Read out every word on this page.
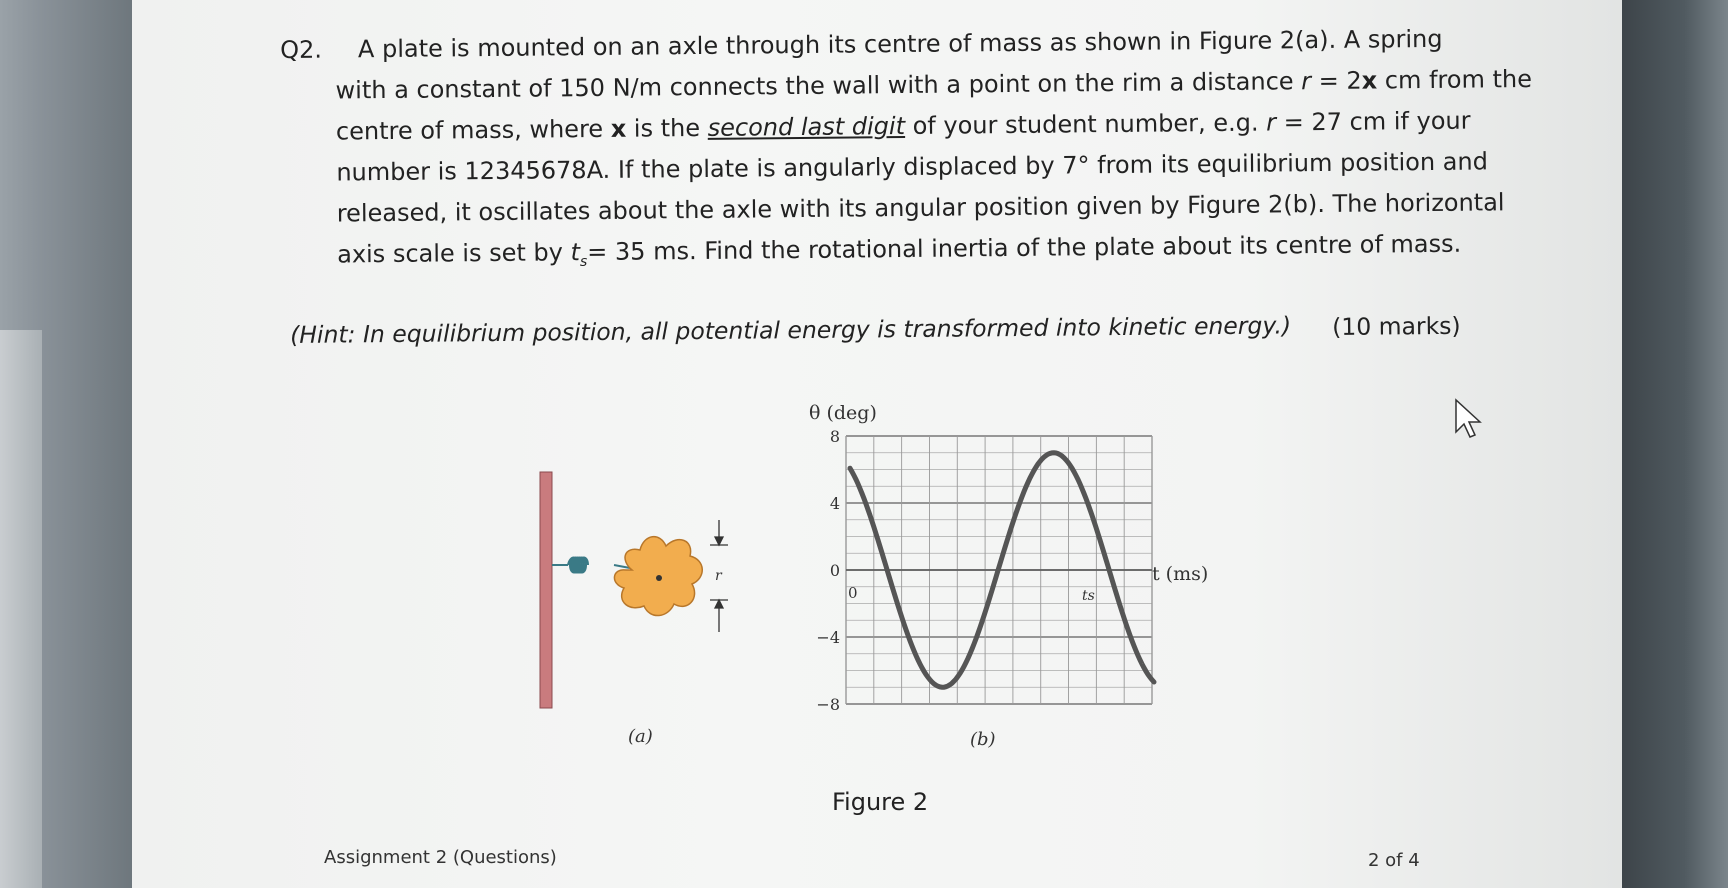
Q2. A plate is mounted on an axle through its centre of mass as shown in Figure 2(a). A spring
with a constant of 150 N/m connects the wall with a point on the rim a distance r = 2x cm from the
centre of mass, where x is the second last digit of your student number, e.g. r = 27 cm if your
number is 12345678A. If the plate is angularly displaced by 7° from its equilibrium position and
released, it oscillates about the axle with its angular position given by Figure 2(b). The horizontal
axis scale is set by $t_s= 35$ ms. Find the rotational inertia of the plate about its centre of mass.
(Hint: In equilibrium position, all potential energy is transformed into kinetic energy.) (10 marks)
r
(a)
θ (deg)
t (ms)
8
4
0
−4
−8
0	ts
(b)
Figure 2
Assignment 2 (Questions)	2 of 4
